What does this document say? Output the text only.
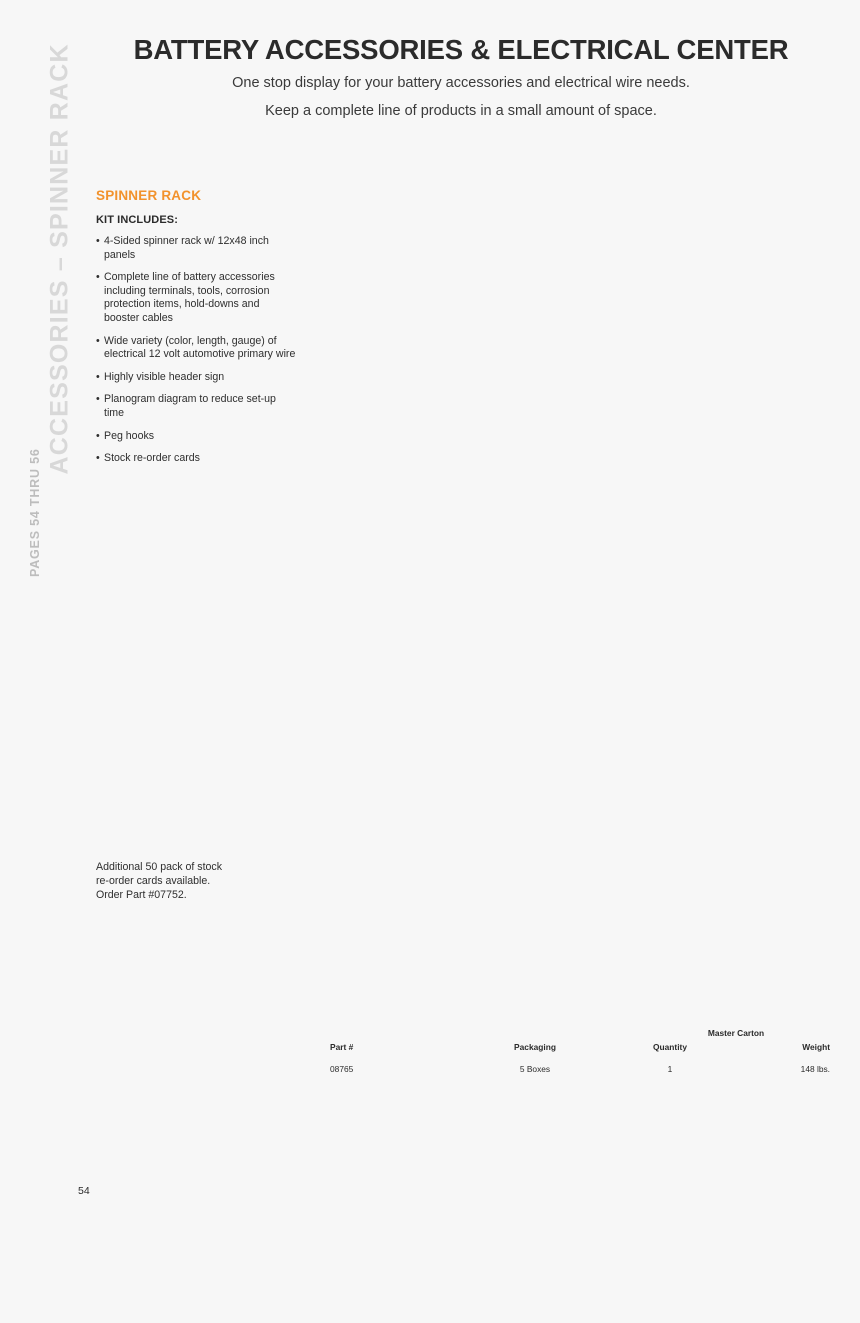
ACCESSORIES – SPINNER RACK
PAGES 54 THRU 56
BATTERY ACCESSORIES & ELECTRICAL CENTER
One stop display for your battery accessories and electrical wire needs.
Keep a complete line of products in a small amount of space.
SPINNER RACK
KIT INCLUDES:
• 4-Sided spinner rack w/ 12x48 inch panels
• Complete line of battery accessories including terminals, tools, corrosion protection items, hold-downs and booster cables
• Wide variety (color, length, gauge) of electrical 12 volt automotive primary wire
• Highly visible header sign
• Planogram diagram to reduce set-up time
• Peg hooks
• Stock re-order cards
Additional 50 pack of stock
re-order cards available.
Order Part #07752.
Master Carton
Part #	Packaging	Quantity	Weight
08765	5 Boxes	1	148 lbs.
54
